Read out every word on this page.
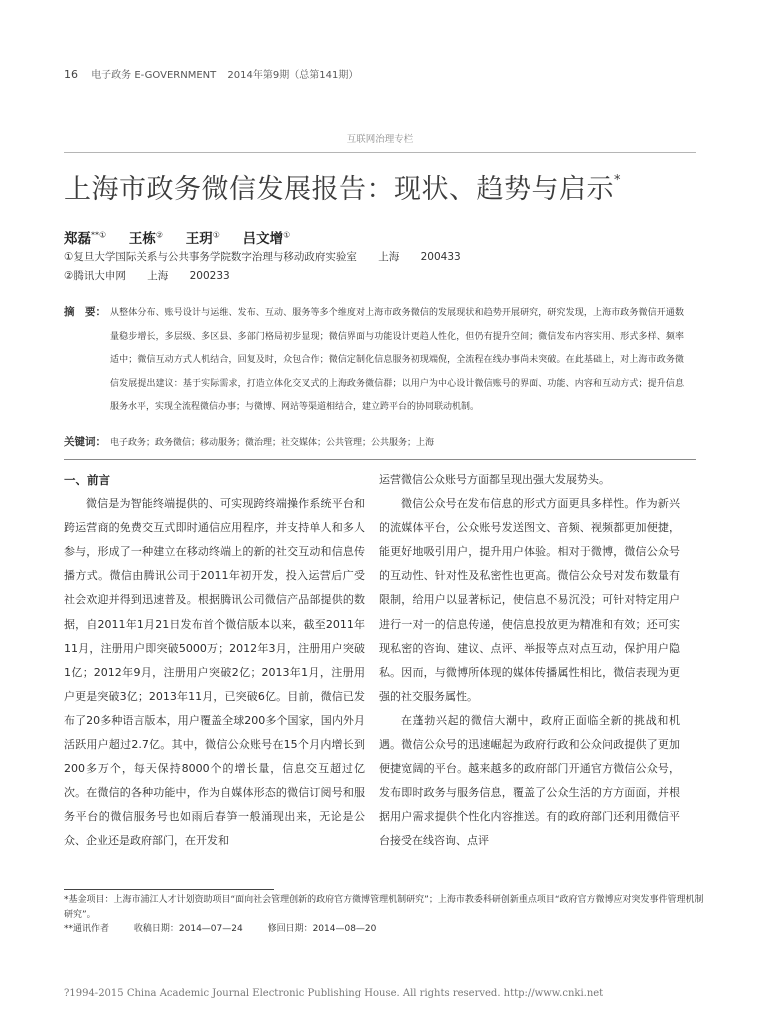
16 电子政务 E-GOVERNMENT 2014年第9期（总第141期）
互联网治理专栏
上海市政务微信发展报告：现状、趋势与启示*
郑磊**① 王栋② 王玥① 吕文增①
①复旦大学国际关系与公共事务学院数字治理与移动政府实验室 上海 200433
②腾讯大申网 上海 200233
摘　要： 从整体分布、账号设计与运维、发布、互动、服务等多个维度对上海市政务微信的发展现状和趋势开展研究，研究发现，上海市政务微信开通数量稳步增长，多层级、多区县、多部门格局初步显现；微信界面与功能设计更趋人性化，但仍有提升空间；微信发布内容实用、形式多样、频率适中；微信互动方式人机结合，回复及时，众包合作；微信定制化信息服务初现端倪，全流程在线办事尚未突破。在此基础上，对上海市政务微信发展提出建议：基于实际需求，打造立体化交叉式的上海政务微信群；以用户为中心设计微信账号的界面、功能、内容和互动方式；提升信息服务水平，实现全流程微信办事；与微博、网站等渠道相结合，建立跨平台的协同联动机制。
关键词： 电子政务；政务微信；移动服务；微治理；社交媒体；公共管理；公共服务；上海
一、前言

微信是为智能终端提供的、可实现跨终端操作系统平台和跨运营商的免费交互式即时通信应用程序，并支持单人和多人参与，形成了一种建立在移动终端上的新的社交互动和信息传播方式。微信由腾讯公司于2011年初开发，投入运营后广受社会欢迎并得到迅速普及。根据腾讯公司微信产品部提供的数据，自2011年1月21日发布首个微信版本以来，截至2011年11月，注册用户即突破5000万；2012年3月，注册用户突破1亿；2012年9月，注册用户突破2亿；2013年1月，注册用户更是突破3亿；2013年11月，已突破6亿。目前，微信已发布了20多种语言版本，用户覆盖全球200多个国家，国内外月活跃用户超过2.7亿。其中，微信公众账号在15个月内增长到200多万个，每天保持8000个的增长量，信息交互超过亿次。在微信的各种功能中，作为自媒体形态的微信订阅号和服务平台的微信服务号也如雨后春笋一般涌现出来，无论是公众、企业还是政府部门，在开发和

运营微信公众账号方面都呈现出强大发展势头。

微信公众号在发布信息的形式方面更具多样性。作为新兴的流媒体平台，公众账号发送图文、音频、视频都更加便捷，能更好地吸引用户，提升用户体验。相对于微博，微信公众号的互动性、针对性及私密性也更高。微信公众号对发布数量有限制，给用户以显著标记，使信息不易沉没；可针对特定用户进行一对一的信息传递，使信息投放更为精准和有效；还可实现私密的咨询、建议、点评、举报等点对点互动，保护用户隐私。因而，与微博所体现的媒体传播属性相比，微信表现为更强的社交服务属性。

在蓬勃兴起的微信大潮中，政府正面临全新的挑战和机遇。微信公众号的迅速崛起为政府行政和公众问政提供了更加便捷宽阔的平台。越来越多的政府部门开通官方微信公众号，发布即时政务与服务信息，覆盖了公众生活的方方面面，并根据用户需求提供个性化内容推送。有的政府部门还利用微信平台接受在线咨询、点评

*基金项目：上海市浦江人才计划资助项目“面向社会管理创新的政府官方微博管理机制研究”；上海市教委科研创新重点项目“政府官方微博应对突发事件管理机制研究”。
**通讯作者	收稿日期：2014—07—24	修回日期：2014—08—20
?1994-2015 China Academic Journal Electronic Publishing House. All rights reserved. http://www.cnki.net
